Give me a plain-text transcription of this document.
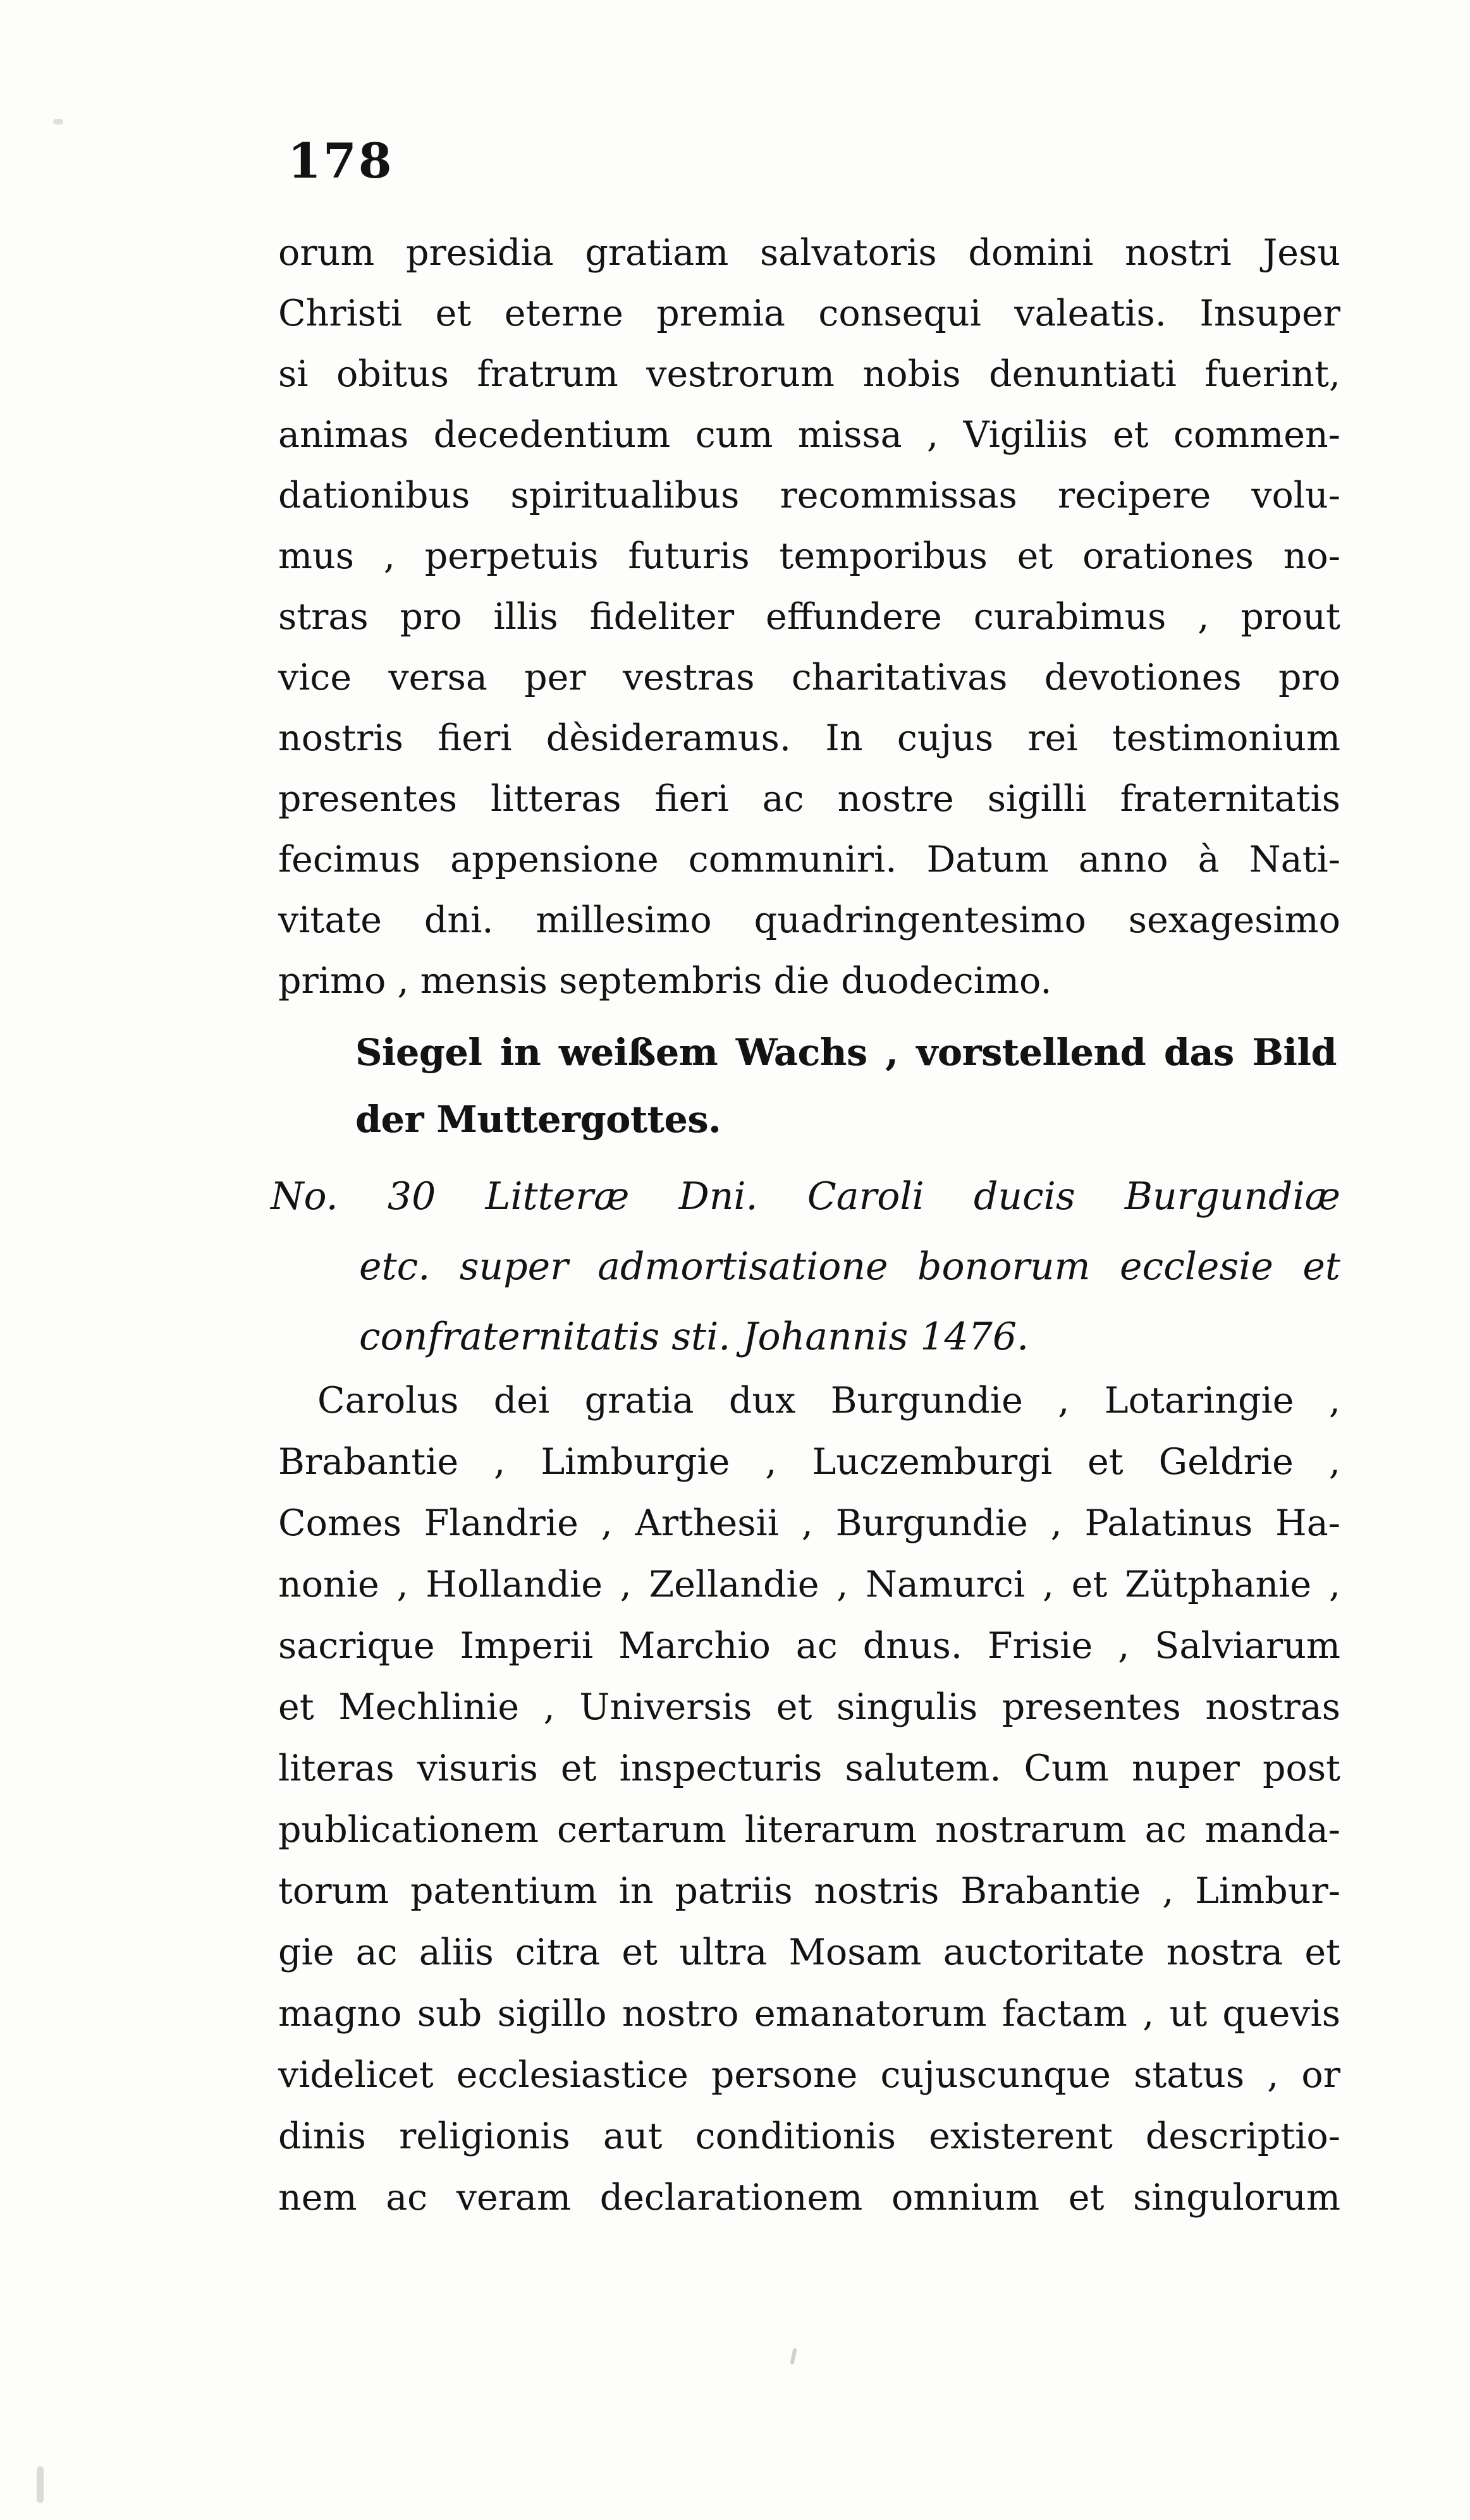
178
orum presidia gratiam salvatoris domini nostri Jesu
Christi et eterne premia consequi valeatis. Insuper
si obitus fratrum vestrorum nobis denuntiati fuerint,
animas decedentium cum missa , Vigiliis et commen-
dationibus spiritualibus recommissas recipere volu-
mus , perpetuis futuris temporibus et orationes no-
stras pro illis fideliter effundere curabimus , prout
vice versa per vestras charitativas devotiones pro
nostris fieri dèsideramus. In cujus rei testimonium
presentes litteras fieri ac nostre sigilli fraternitatis
fecimus appensione communiri. Datum anno à Nati-
vitate dni. millesimo quadringentesimo sexagesimo
primo , mensis septembris die duodecimo.
Siegel in weißem Wachs , vorstellend das Bild
der Muttergottes.
No. 30 Litteræ Dni. Caroli ducis Burgundiæ
etc. super admortisatione bonorum ecclesie et
confraternitatis sti. Johannis 1476.
Carolus dei gratia dux Burgundie , Lotaringie ,
Brabantie , Limburgie , Luczemburgi et Geldrie ,
Comes Flandrie , Arthesii , Burgundie , Palatinus Ha-
nonie , Hollandie , Zellandie , Namurci , et Zütphanie ,
sacrique Imperii Marchio ac dnus. Frisie , Salviarum
et Mechlinie , Universis et singulis presentes nostras
literas visuris et inspecturis salutem. Cum nuper post
publicationem certarum literarum nostrarum ac manda-
torum patentium in patriis nostris Brabantie , Limbur-
gie ac aliis citra et ultra Mosam auctoritate nostra et
magno sub sigillo nostro emanatorum factam , ut quevis
videlicet ecclesiastice persone cujuscunque status , or
dinis religionis aut conditionis existerent descriptio-
nem ac veram declarationem omnium et singulorum
